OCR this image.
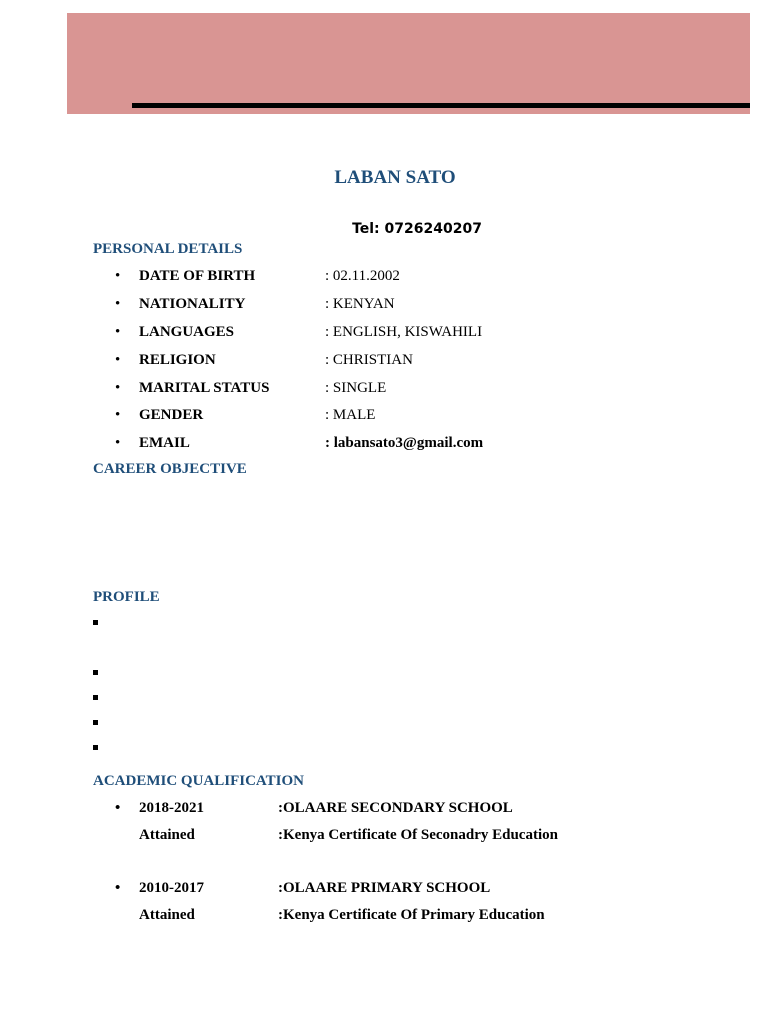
LABAN SATO
Tel: 0726240207
PERSONAL DETAILS
• DATE OF BIRTH	: 02.11.2002
• NATIONALITY	: KENYAN
• LANGUAGES	: ENGLISH, KISWAHILI
• RELIGION	: CHRISTIAN
• MARITAL STATUS	: SINGLE
• GENDER	: MALE
• EMAIL	: labansato3@gmail.com
CAREER OBJECTIVE
PROFILE
ACADEMIC QUALIFICATION
• 2018-2021	:OLAARE SECONDARY SCHOOL
Attained	:Kenya Certificate Of Seconadry Education
• 2010-2017	:OLAARE PRIMARY SCHOOL
Attained	:Kenya Certificate Of Primary Education
